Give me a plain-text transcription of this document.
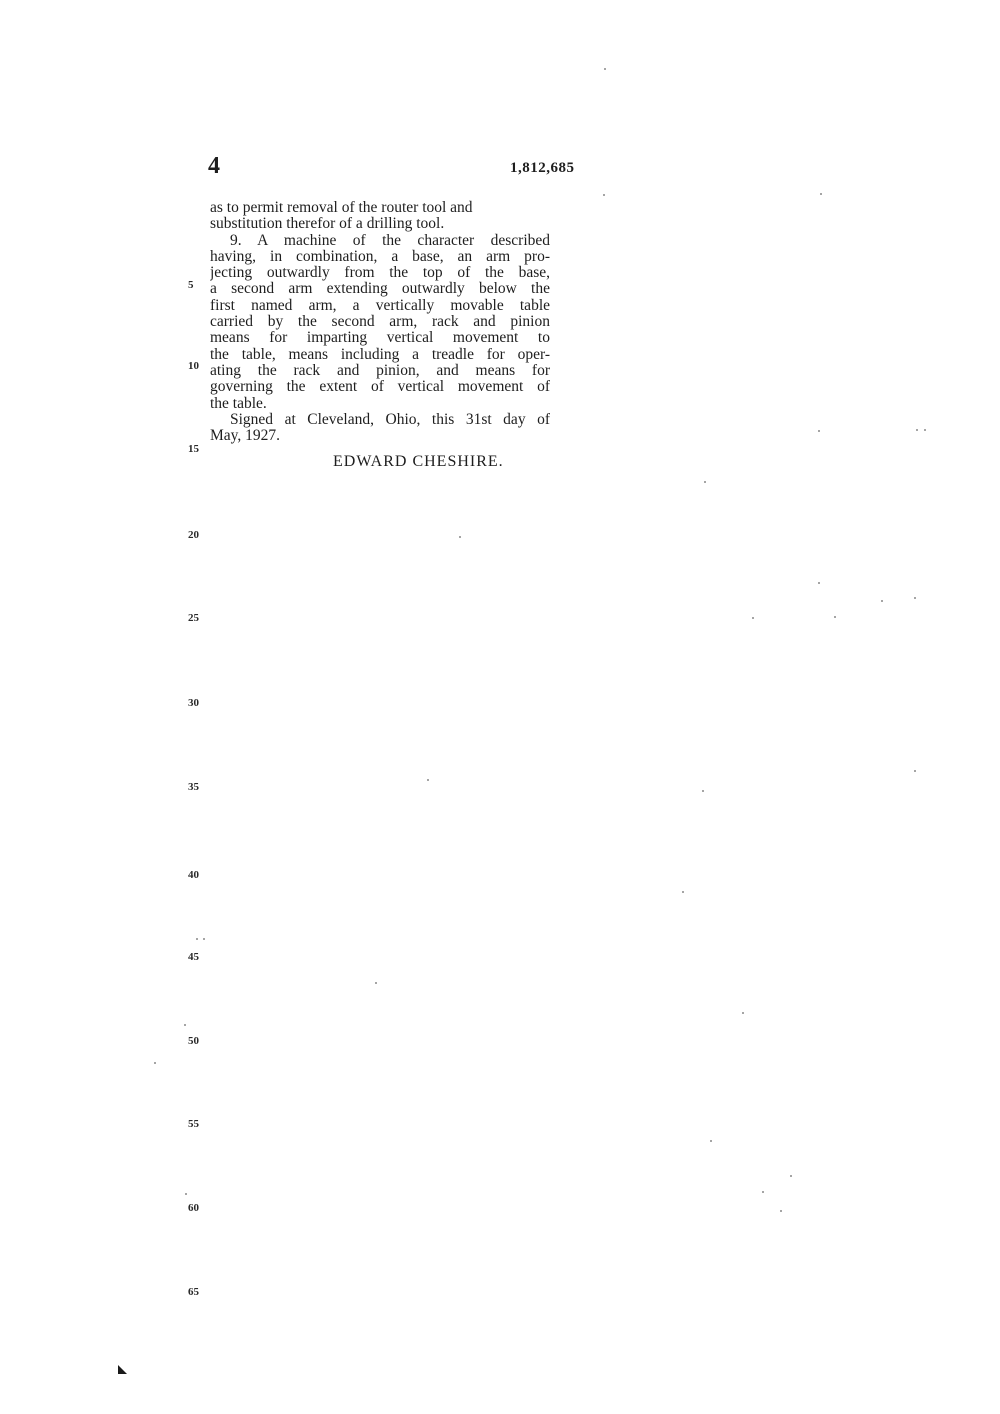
4	1,812,685
as to permit removal of the router tool and
substitution therefor of a drilling tool.
9. A machine of the character described
having, in combination, a base, an arm pro-
jecting outwardly from the top of the base,
a second arm extending outwardly below the
first named arm, a vertically movable table
carried by the second arm, rack and pinion
means for imparting vertical movement to
the table, means including a treadle for oper-
ating the rack and pinion, and means for
governing the extent of vertical movement of
the table.
Signed at Cleveland, Ohio, this 31st day of
May, 1927.
EDWARD CHESHIRE.
5
10
15
20
25
30
35
40
45
50
55
60
65
